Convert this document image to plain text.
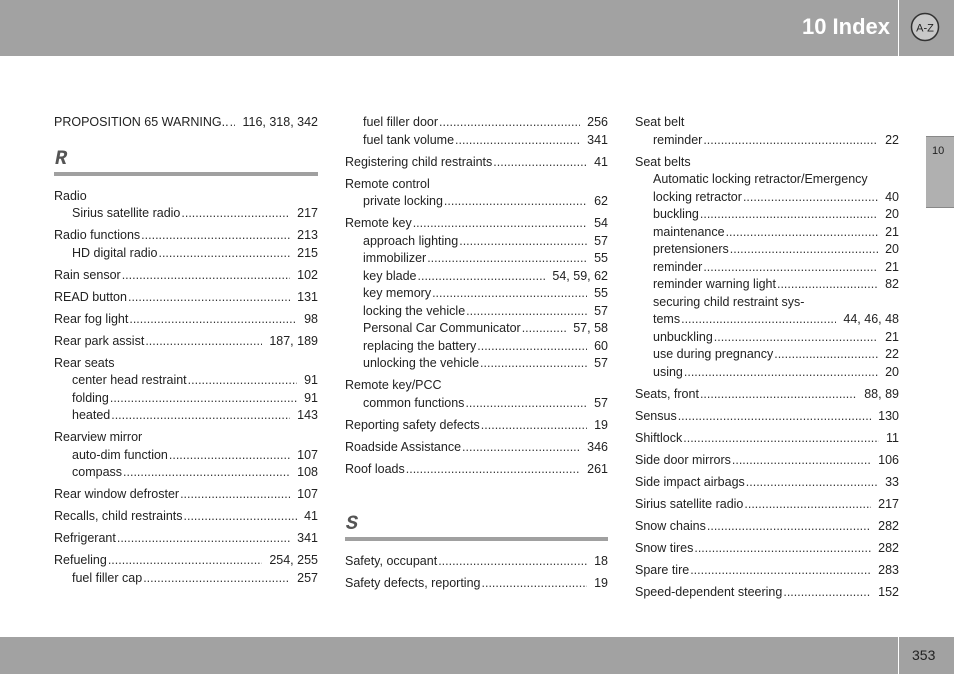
10 Index A-Z
10
PROPOSITION 65 WARNING.. .....	116, 318, 342
R
Radio
Sirius satellite radio .....	217
Radio functions .....	213
HD digital radio .....	215
Rain sensor .....	102
READ button .....	131
Rear fog light .....	98
Rear park assist .....	187, 189
Rear seats
center head restraint .....	91
folding .....	91
heated .....	143
Rearview mirror
auto-dim function .....	107
compass .....	108
Rear window defroster .....	107
Recalls, child restraints .....	41
Refrigerant .....	341
Refueling .....	254, 255
fuel filler cap .....	257
fuel filler door .....	256
fuel tank volume .....	341
Registering child restraints .....	41
Remote control
private locking .....	62
Remote key .....	54
approach lighting .....	57
immobilizer .....	55
key blade .....	54, 59, 62
key memory .....	55
locking the vehicle .....	57
Personal Car Communicator .....	57, 58
replacing the battery .....	60
unlocking the vehicle .....	57
Remote key/PCC
common functions .....	57
Reporting safety defects .....	19
Roadside Assistance .....	346
Roof loads .....	261
S
Safety, occupant .....	18
Safety defects, reporting .....	19
Seat belt
reminder .....	22
Seat belts
Automatic locking retractor/Emergency
locking retractor .....	40
buckling .....	20
maintenance .....	21
pretensioners .....	20
reminder .....	21
reminder warning light .....	82
securing child restraint sys-
tems .....	44, 46, 48
unbuckling .....	21
use during pregnancy .....	22
using .....	20
Seats, front .....	88, 89
Sensus .....	130
Shiftlock .....	11
Side door mirrors .....	106
Side impact airbags .....	33
Sirius satellite radio .....	217
Snow chains .....	282
Snow tires .....	282
Spare tire .....	283
Speed-dependent steering .....	152
353
